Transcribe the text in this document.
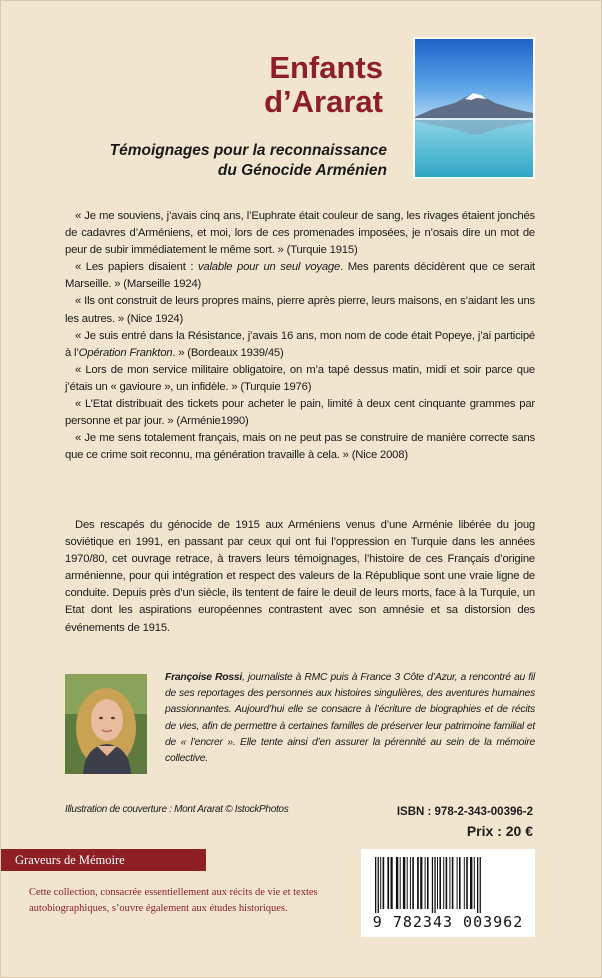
Enfants
d’Ararat
Témoignages pour la reconnaissance
du Génocide Arménien

« Je me souviens, j’avais cinq ans, l’Euphrate était couleur de sang, les rivages étaient jonchés de cadavres d’Arméniens, et moi, lors de ces promenades imposées, je n’osais dire un mot de peur de subir immédiatement le même sort. » (Turquie 1915)

« Les papiers disaient : valable pour un seul voyage. Mes parents décidèrent que ce serait Marseille. » (Marseille 1924)

« Ils ont construit de leurs propres mains, pierre après pierre, leurs maisons, en s’aidant les uns les autres. » (Nice 1924)

« Je suis entré dans la Résistance, j’avais 16 ans, mon nom de code était Popeye, j’ai participé à l’Opération Frankton. » (Bordeaux 1939/45)

« Lors de mon service militaire obligatoire, on m’a tapé dessus matin, midi et soir parce que j’étais un « gavioure », un infidèle. » (Turquie 1976)

« L’Etat distribuait des tickets pour acheter le pain, limité à deux cent cinquante grammes par personne et par jour. » (Arménie1990)

« Je me sens totalement français, mais on ne peut pas se construire de manière correcte sans que ce crime soit reconnu, ma génération travaille à cela. » (Nice 2008)

Des rescapés du génocide de 1915 aux Arméniens venus d’une Arménie libérée du joug soviétique en 1991, en passant par ceux qui ont fui l’oppression en Turquie dans les années 1970/80, cet ouvrage retrace, à travers leurs témoignages, l’histoire de ces Français d’origine arménienne, pour qui intégration et respect des valeurs de la République sont une vraie ligne de conduite. Depuis près d’un siècle, ils tentent de faire le deuil de leurs morts, face à la Turquie, un Etat dont les aspirations européennes contrastent avec son amnésie et sa distorsion des événements de 1915.

Françoise Rossi, journaliste à RMC puis à France 3 Côte d’Azur, a rencontré au fil de ses reportages des personnes aux histoires singulières, des aventures humaines passionnantes. Aujourd’hui elle se consacre à l’écriture de biographies et de récits de vies, afin de permettre à certaines familles de préserver leur patrimoine familial et de « l’encrer ». Elle tente ainsi d’en assurer la pérennité au sein de la mémoire collective.

Illustration de couverture : Mont Ararat © IstockPhotos	ISBN : 978-2-343-00396-2
Prix : 20 €
Graveurs de Mémoire

Cette collection, consacrée essentiellement aux récits de vie et textes autobiographiques, s’ouvre également aux études historiques.

9 782343 003962
